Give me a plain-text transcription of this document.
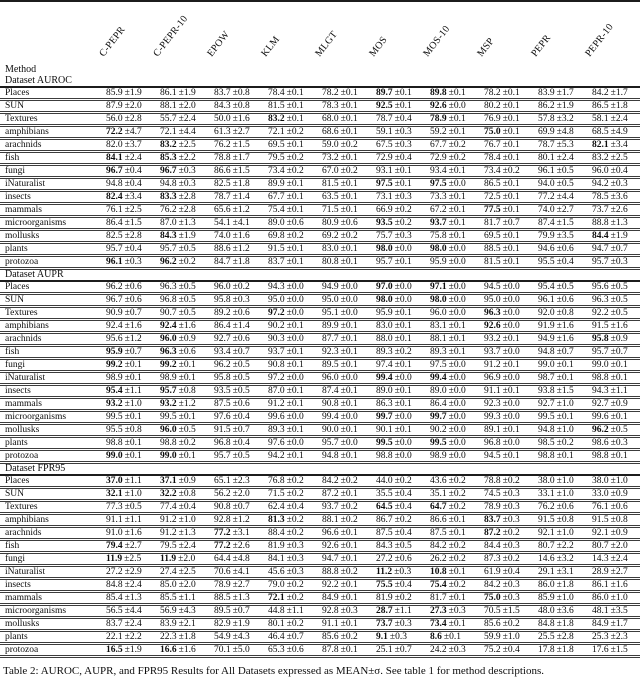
Method	C-PEPR	C-PEPR-10	EPOW	KLM	MLGT	MOS	MOS-10	MSP	PEPR	PEPR-10

Dataset AUROC										
Places	85.9 ±1.9	86.1 ±1.9	83.7 ±0.8	78.4 ±0.1	78.2 ±0.1	89.7 ±0.1	89.8 ±0.1	78.2 ±0.1	83.9 ±1.7	84.2 ±1.7
SUN	87.9 ±2.0	88.1 ±2.0	84.3 ±0.8	81.5 ±0.1	78.3 ±0.1	92.5 ±0.1	92.6 ±0.0	80.2 ±0.1	86.2 ±1.9	86.5 ±1.8
Textures	56.0 ±2.8	55.7 ±2.4	50.0 ±1.6	83.2 ±0.1	68.0 ±0.1	78.7 ±0.4	78.9 ±0.1	76.9 ±0.1	57.8 ±3.2	58.1 ±2.4
amphibians	72.2 ±4.7	72.1 ±4.4	61.3 ±2.7	72.1 ±0.2	68.6 ±0.1	59.1 ±0.3	59.2 ±0.1	75.0 ±0.1	69.9 ±4.8	68.5 ±4.9
arachnids	82.0 ±3.7	83.2 ±2.5	76.2 ±1.5	69.5 ±0.1	59.0 ±0.2	67.5 ±0.3	67.7 ±0.2	76.7 ±0.1	78.7 ±5.3	82.1 ±3.4
fish	84.1 ±2.4	85.3 ±2.2	78.8 ±1.7	79.5 ±0.2	73.2 ±0.1	72.9 ±0.4	72.9 ±0.2	78.4 ±0.1	80.1 ±2.4	83.2 ±2.5
fungi	96.7 ±0.4	96.7 ±0.3	86.6 ±1.5	73.4 ±0.2	67.0 ±0.2	93.1 ±0.1	93.4 ±0.1	73.4 ±0.2	96.1 ±0.5	96.0 ±0.4
iNaturalist	94.8 ±0.4	94.8 ±0.3	82.5 ±1.8	89.9 ±0.1	81.5 ±0.1	97.5 ±0.1	97.5 ±0.0	86.5 ±0.1	94.0 ±0.5	94.2 ±0.3
insects	82.4 ±3.4	83.3 ±2.8	78.7 ±1.4	67.7 ±0.1	63.5 ±0.1	73.1 ±0.3	73.3 ±0.1	72.5 ±0.1	77.2 ±4.4	78.5 ±3.6
mammals	76.1 ±2.5	76.2 ±2.8	65.6 ±1.2	75.4 ±0.1	71.5 ±0.1	66.9 ±0.2	67.2 ±0.1	77.5 ±0.1	74.0 ±2.7	73.7 ±2.6
microorganisms	86.4 ±1.5	87.0 ±1.3	54.1 ±4.1	89.0 ±0.6	80.9 ±0.6	93.5 ±0.2	93.7 ±0.1	81.7 ±0.7	87.4 ±1.5	88.8 ±1.3
mollusks	82.5 ±2.8	84.3 ±1.9	74.0 ±1.6	69.8 ±0.2	69.2 ±0.2	75.7 ±0.3	75.8 ±0.1	69.5 ±0.1	79.9 ±3.5	84.4 ±1.9
plants	95.7 ±0.4	95.7 ±0.5	88.6 ±1.2	91.5 ±0.1	83.0 ±0.1	98.0 ±0.0	98.0 ±0.0	88.5 ±0.1	94.6 ±0.6	94.7 ±0.7
protozoa	96.1 ±0.3	96.2 ±0.2	84.7 ±1.8	83.7 ±0.1	80.8 ±0.1	95.7 ±0.1	95.9 ±0.0	81.5 ±0.1	95.5 ±0.4	95.7 ±0.3
Dataset AUPR										
Places	96.2 ±0.6	96.3 ±0.5	96.0 ±0.2	94.3 ±0.0	94.9 ±0.0	97.0 ±0.0	97.1 ±0.0	94.5 ±0.0	95.4 ±0.5	95.6 ±0.5
SUN	96.7 ±0.6	96.8 ±0.5	95.8 ±0.3	95.0 ±0.0	95.0 ±0.0	98.0 ±0.0	98.0 ±0.0	95.0 ±0.0	96.1 ±0.6	96.3 ±0.5
Textures	90.9 ±0.7	90.7 ±0.5	89.2 ±0.6	97.2 ±0.0	95.1 ±0.0	95.9 ±0.1	96.0 ±0.0	96.3 ±0.0	92.0 ±0.8	92.2 ±0.5
amphibians	92.4 ±1.6	92.4 ±1.6	86.4 ±1.4	90.2 ±0.1	89.9 ±0.1	83.0 ±0.1	83.1 ±0.1	92.6 ±0.0	91.9 ±1.6	91.5 ±1.6
arachnids	95.6 ±1.2	96.0 ±0.9	92.7 ±0.6	90.3 ±0.0	87.7 ±0.1	88.0 ±0.1	88.1 ±0.1	93.2 ±0.1	94.9 ±1.6	95.8 ±0.9
fish	95.9 ±0.7	96.3 ±0.6	93.4 ±0.7	93.7 ±0.1	92.3 ±0.1	89.3 ±0.2	89.3 ±0.1	93.7 ±0.0	94.8 ±0.7	95.7 ±0.7
fungi	99.2 ±0.1	99.2 ±0.1	96.2 ±0.5	90.8 ±0.1	89.5 ±0.1	97.4 ±0.1	97.5 ±0.0	91.2 ±0.1	99.0 ±0.1	99.0 ±0.1
iNaturalist	98.9 ±0.1	98.9 ±0.1	95.8 ±0.5	97.2 ±0.0	96.0 ±0.0	99.4 ±0.0	99.4 ±0.0	96.9 ±0.0	98.7 ±0.1	98.8 ±0.1
insects	95.4 ±1.1	95.7 ±0.8	93.5 ±0.5	87.0 ±0.1	87.4 ±0.1	89.0 ±0.1	89.0 ±0.0	91.1 ±0.1	93.8 ±1.5	94.3 ±1.1
mammals	93.2 ±1.0	93.2 ±1.2	87.5 ±0.6	91.2 ±0.1	90.8 ±0.1	86.3 ±0.1	86.4 ±0.0	92.3 ±0.0	92.7 ±1.0	92.7 ±0.9
microorganisms	99.5 ±0.1	99.5 ±0.1	97.6 ±0.4	99.6 ±0.0	99.4 ±0.0	99.7 ±0.0	99.7 ±0.0	99.3 ±0.0	99.5 ±0.1	99.6 ±0.1
mollusks	95.5 ±0.8	96.0 ±0.5	91.5 ±0.7	89.3 ±0.1	90.0 ±0.1	90.1 ±0.1	90.2 ±0.0	89.1 ±0.1	94.8 ±1.0	96.2 ±0.5
plants	98.8 ±0.1	98.8 ±0.2	96.8 ±0.4	97.6 ±0.0	95.7 ±0.0	99.5 ±0.0	99.5 ±0.0	96.8 ±0.0	98.5 ±0.2	98.6 ±0.3
protozoa	99.0 ±0.1	99.0 ±0.1	95.7 ±0.5	94.2 ±0.1	94.8 ±0.1	98.8 ±0.0	98.9 ±0.0	94.5 ±0.1	98.8 ±0.1	98.8 ±0.1
Dataset FPR95										
Places	37.0 ±1.1	37.1 ±0.9	65.1 ±2.3	76.8 ±0.2	84.2 ±0.2	44.0 ±0.2	43.6 ±0.2	78.8 ±0.2	38.0 ±1.0	38.0 ±1.0
SUN	32.1 ±1.0	32.2 ±0.8	56.2 ±2.0	71.5 ±0.2	87.2 ±0.1	35.5 ±0.4	35.1 ±0.2	74.5 ±0.3	33.1 ±1.0	33.0 ±0.9
Textures	77.3 ±0.5	77.4 ±0.4	90.8 ±0.7	62.4 ±0.4	93.7 ±0.2	64.5 ±0.4	64.7 ±0.2	78.9 ±0.3	76.2 ±0.6	76.1 ±0.6
amphibians	91.1 ±1.1	91.2 ±1.0	92.8 ±1.2	81.3 ±0.2	88.1 ±0.2	86.7 ±0.2	86.6 ±0.1	83.7 ±0.3	91.5 ±0.8	91.5 ±0.8
arachnids	91.0 ±1.6	91.2 ±1.3	77.2 ±3.1	88.4 ±0.2	96.6 ±0.1	87.5 ±0.4	87.5 ±0.1	87.2 ±0.2	92.1 ±1.0	92.1 ±0.9
fish	79.4 ±2.7	79.5 ±2.4	77.2 ±2.6	81.9 ±0.3	92.6 ±0.1	84.3 ±0.5	84.2 ±0.2	84.4 ±0.3	80.7 ±2.2	80.7 ±2.0
fungi	11.9 ±2.5	11.9 ±2.0	64.4 ±4.8	84.1 ±0.3	94.7 ±0.1	27.2 ±0.6	26.2 ±0.2	87.3 ±0.2	14.6 ±3.2	14.3 ±2.4
iNaturalist	27.2 ±2.9	27.4 ±2.5	70.6 ±4.1	45.6 ±0.3	88.8 ±0.2	11.2 ±0.3	10.8 ±0.1	61.9 ±0.4	29.1 ±3.1	28.9 ±2.7
insects	84.8 ±2.4	85.0 ±2.0	78.9 ±2.7	79.0 ±0.2	92.2 ±0.1	75.5 ±0.4	75.4 ±0.2	84.2 ±0.3	86.0 ±1.8	86.1 ±1.6
mammals	85.4 ±1.3	85.5 ±1.1	88.5 ±1.3	72.1 ±0.2	84.9 ±0.1	81.9 ±0.2	81.7 ±0.1	75.0 ±0.3	85.9 ±1.0	86.0 ±1.0
microorganisms	56.5 ±4.4	56.9 ±4.3	89.5 ±0.7	44.8 ±1.1	92.8 ±0.3	28.7 ±1.1	27.3 ±0.3	70.5 ±1.5	48.0 ±3.6	48.1 ±3.5
mollusks	83.7 ±2.4	83.9 ±2.1	82.9 ±1.9	80.1 ±0.2	91.1 ±0.1	73.7 ±0.3	73.4 ±0.1	85.6 ±0.2	84.8 ±1.8	84.9 ±1.7
plants	22.1 ±2.2	22.3 ±1.8	54.9 ±4.3	46.4 ±0.7	85.6 ±0.2	9.1 ±0.3	8.6 ±0.1	59.9 ±1.0	25.5 ±2.8	25.3 ±2.3
protozoa	16.5 ±1.9	16.6 ±1.6	70.1 ±5.0	65.3 ±0.6	87.8 ±0.1	25.1 ±0.7	24.2 ±0.3	75.2 ±0.4	17.8 ±1.8	17.6 ±1.5
Table 2: AUROC, AUPR, and FPR95 Results for All Datasets expressed as MEAN±σ. See table 1 for method descriptions.
